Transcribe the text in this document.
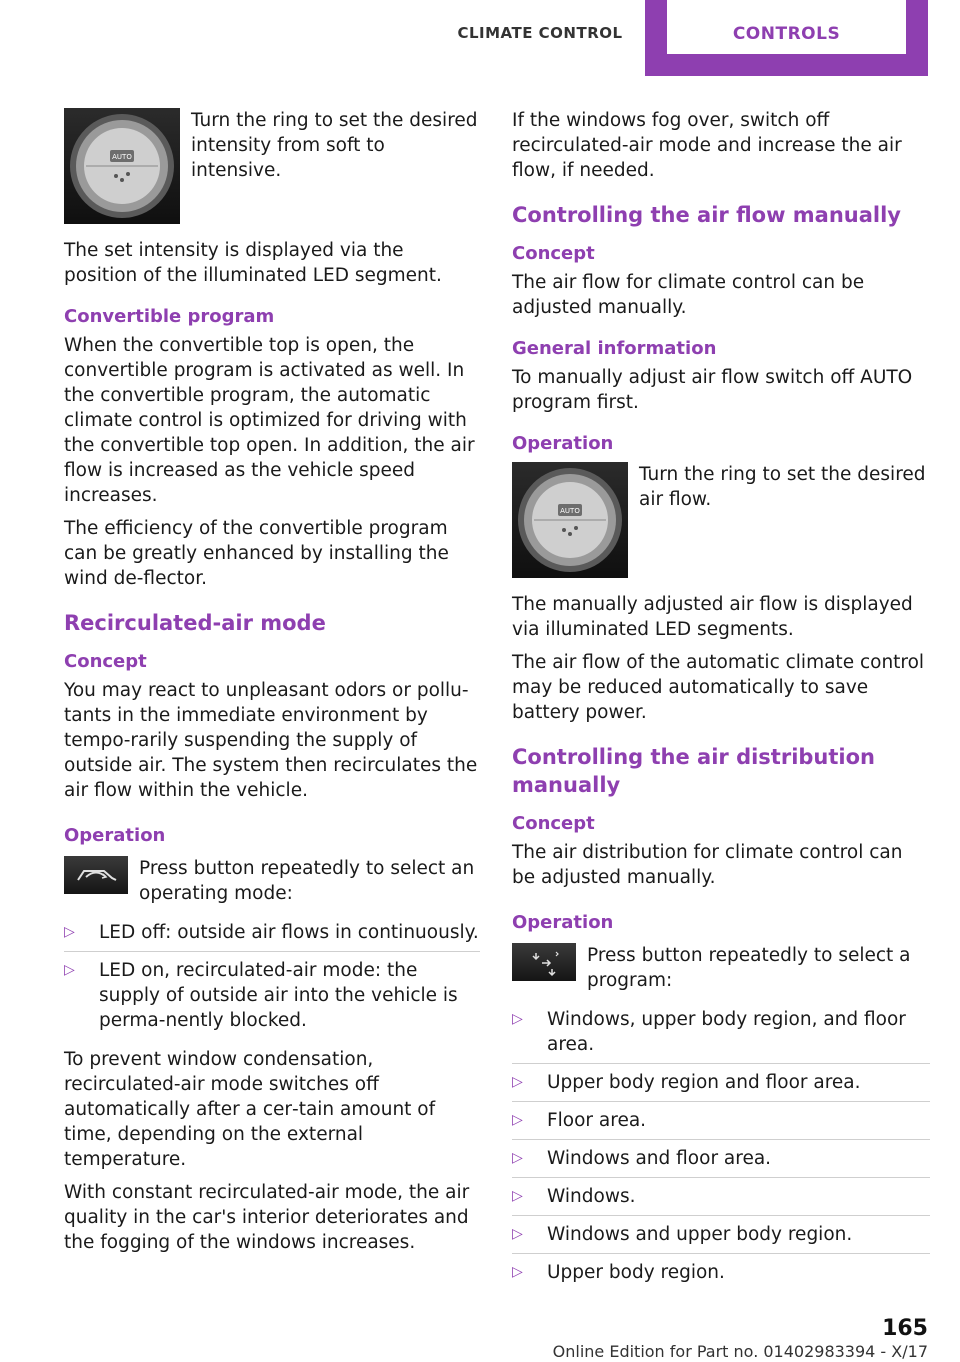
CLIMATE CONTROL	CONTROLS
AUTO
Turn the ring to set the desired intensity from soft to intensive.

The set intensity is displayed via the position of the illuminated LED segment.

Convertible program

When the convertible top is open, the convertible program is activated as well. In the convertible program, the automatic climate control is optimized for driving with the convertible top open. In addition, the air flow is increased as the vehicle speed increases.

The efficiency of the convertible program can be greatly enhanced by installing the wind de‐flector.

Recirculated-air mode
Concept

You may react to unpleasant odors or pollu‐tants in the immediate environment by tempo‐rarily suspending the supply of outside air. The system then recirculates the air flow within the vehicle.

Operation
Press button repeatedly to select an operating mode:
▷ LED off: outside air flows in continuously.
▷ LED on, recirculated-air mode: the supply of outside air into the vehicle is perma‐nently blocked.

To prevent window condensation, recirculated-air mode switches off automatically after a cer‐tain amount of time, depending on the external temperature.

With constant recirculated-air mode, the air quality in the car's interior deteriorates and the fogging of the windows increases.

If the windows fog over, switch off recirculated-air mode and increase the air flow, if needed.

Controlling the air flow manually
Concept

The air flow for climate control can be adjusted manually.

General information

To manually adjust air flow switch off AUTO program first.

Operation
AUTO
Turn the ring to set the desired air flow.

The manually adjusted air flow is displayed via illuminated LED segments.

The air flow of the automatic climate control may be reduced automatically to save battery power.

Controlling the air distribution manually
Concept

The air distribution for climate control can be adjusted manually.

Operation
Press button repeatedly to select a program:
▷ Windows, upper body region, and floor area.
▷ Upper body region and floor area.
▷ Floor area.
▷ Windows and floor area.
▷ Windows.
▷ Windows and upper body region.
▷ Upper body region.
165
Online Edition for Part no. 01402983394 - X/17
